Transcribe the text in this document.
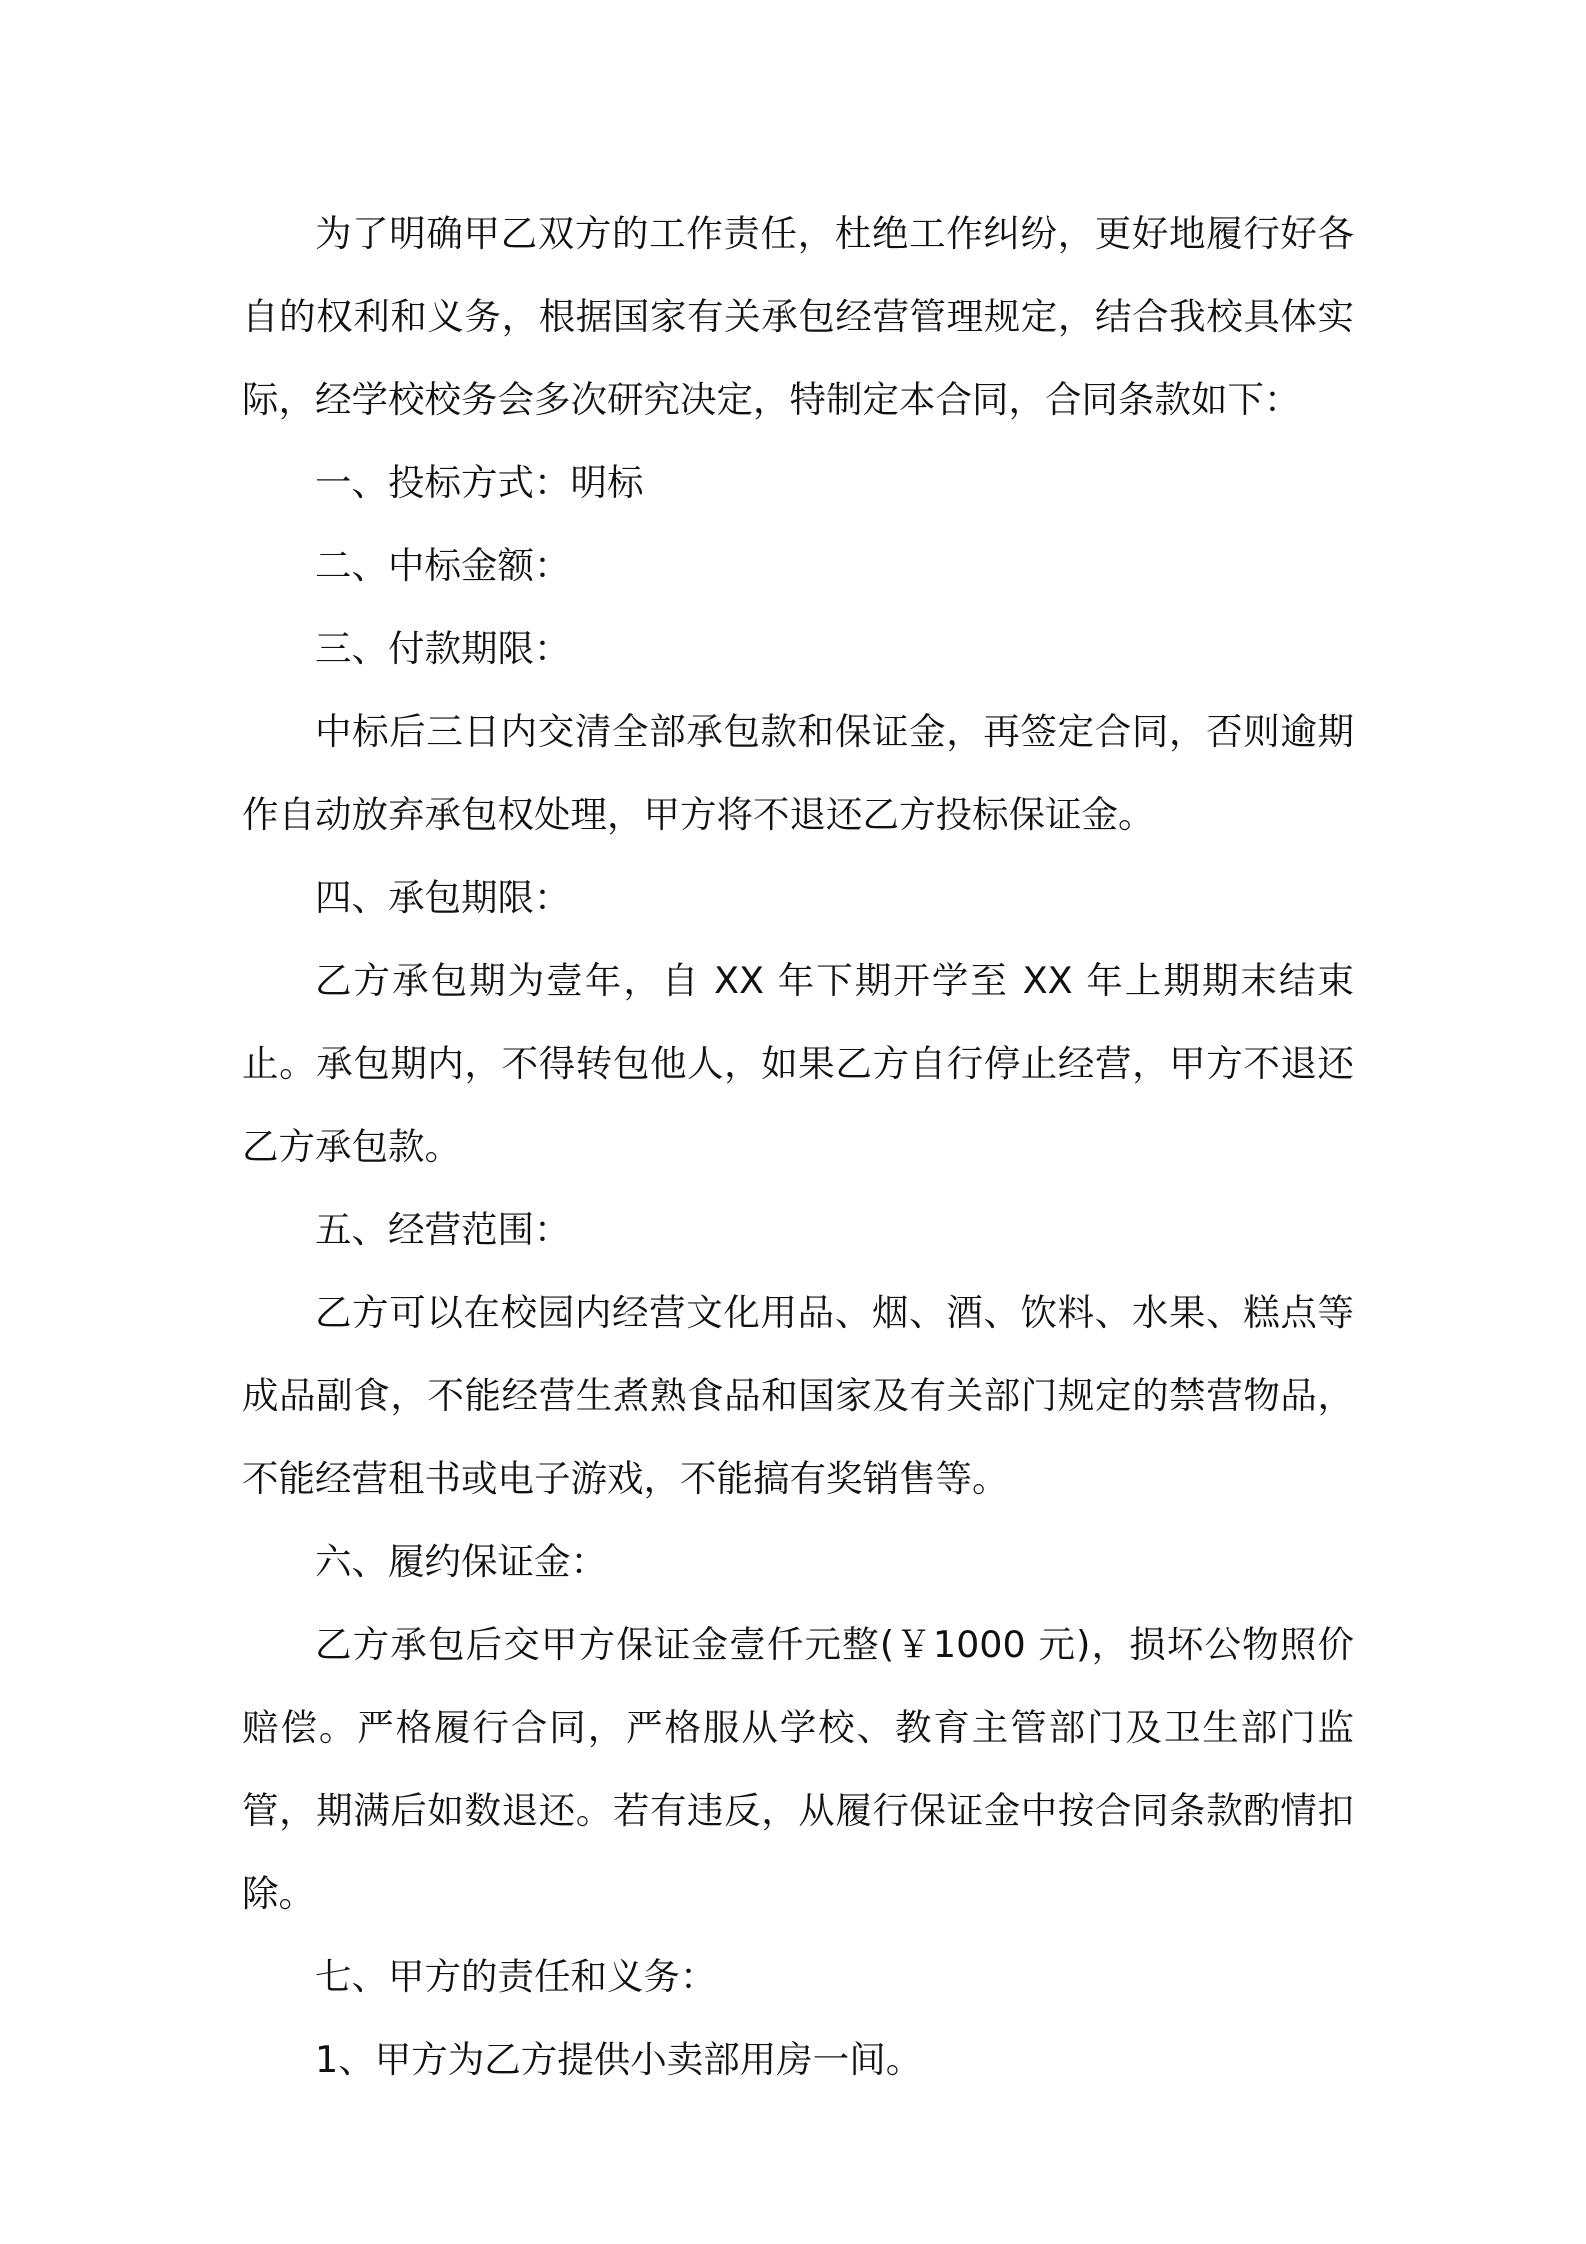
为了明确甲乙双方的工作责任，杜绝工作纠纷，更好地履行好各自的权利和义务，根据国家有关承包经营管理规定，结合我校具体实际，经学校校务会多次研究决定，特制定本合同，合同条款如下：

一、投标方式：明标

二、中标金额：

三、付款期限：

中标后三日内交清全部承包款和保证金，再签定合同，否则逾期作自动放弃承包权处理，甲方将不退还乙方投标保证金。

四、承包期限：

乙方承包期为壹年，自 XX 年下期开学至 XX 年上期期末结束止。承包期内，不得转包他人，如果乙方自行停止经营，甲方不退还乙方承包款。

五、经营范围：

乙方可以在校园内经营文化用品、烟、酒、饮料、水果、糕点等成品副食，不能经营生煮熟食品和国家及有关部门规定的禁营物品，不能经营租书或电子游戏，不能搞有奖销售等。

六、履约保证金：

乙方承包后交甲方保证金壹仟元整(￥1000 元)，损坏公物照价赔偿。严格履行合同，严格服从学校、教育主管部门及卫生部门监管，期满后如数退还。若有违反，从履行保证金中按合同条款酌情扣除。

七、甲方的责任和义务：

1、甲方为乙方提供小卖部用房一间。
